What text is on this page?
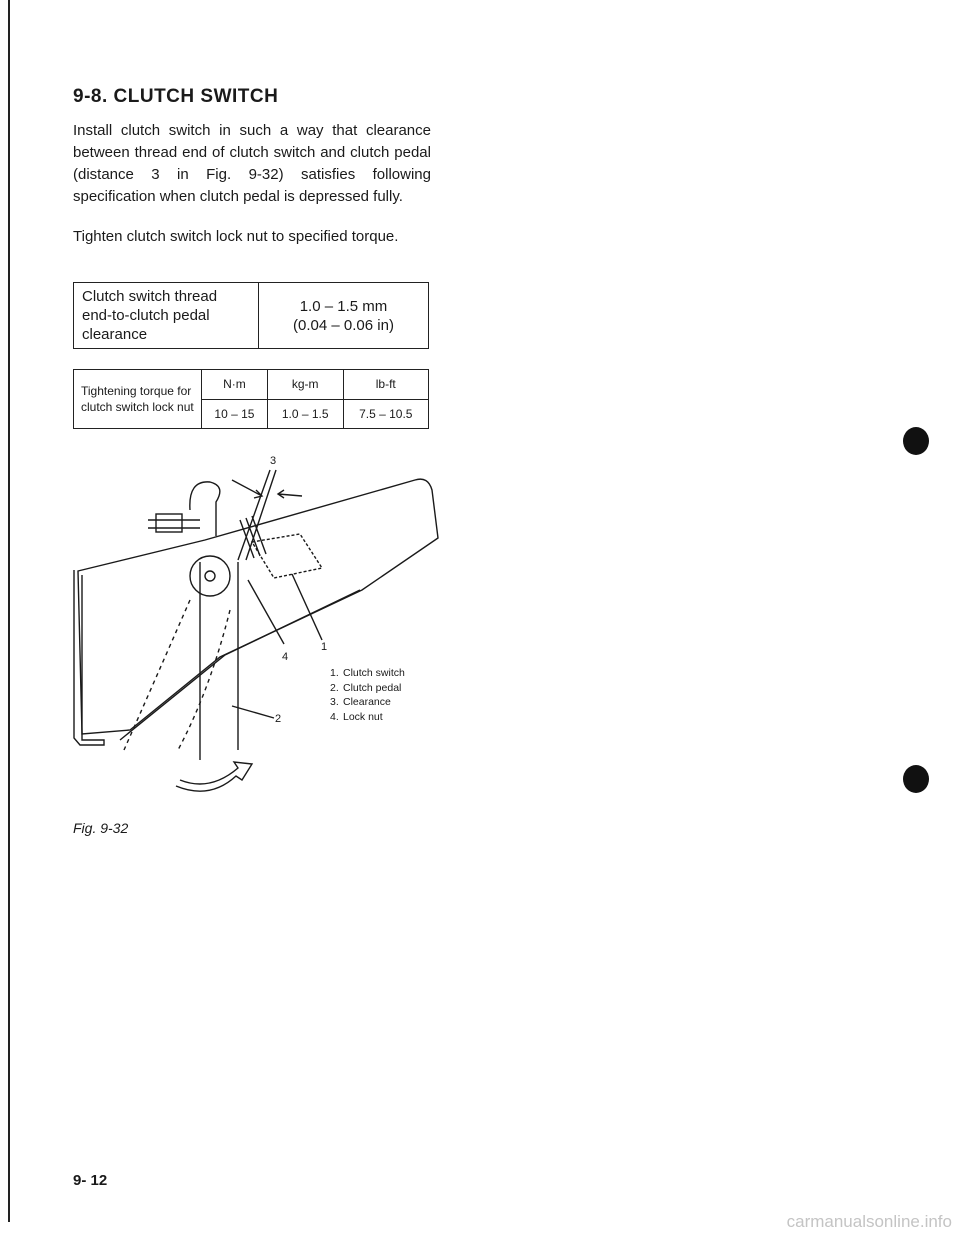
9-8. CLUTCH SWITCH

Install clutch switch in such a way that clearance between thread end of clutch switch and clutch pedal (distance 3 in Fig. 9-32) satisfies following specification when clutch pedal is depressed fully.

Tighten clutch switch lock nut to specified torque.

Clutch switch thread end-to-clutch pedal clearance	
1.0 – 1.5 mm
(0.04 – 0.06 in)
Tightening torque for clutch switch lock nut	N·m	kg-m	lb-ft
	10 – 15	1.0 – 1.5	7.5 – 10.5
3
1
4
2
1. Clutch switch
2. Clutch pedal
3. Clearance
4. Lock nut

Fig. 9-32

9- 12
carmanualsonline.info
